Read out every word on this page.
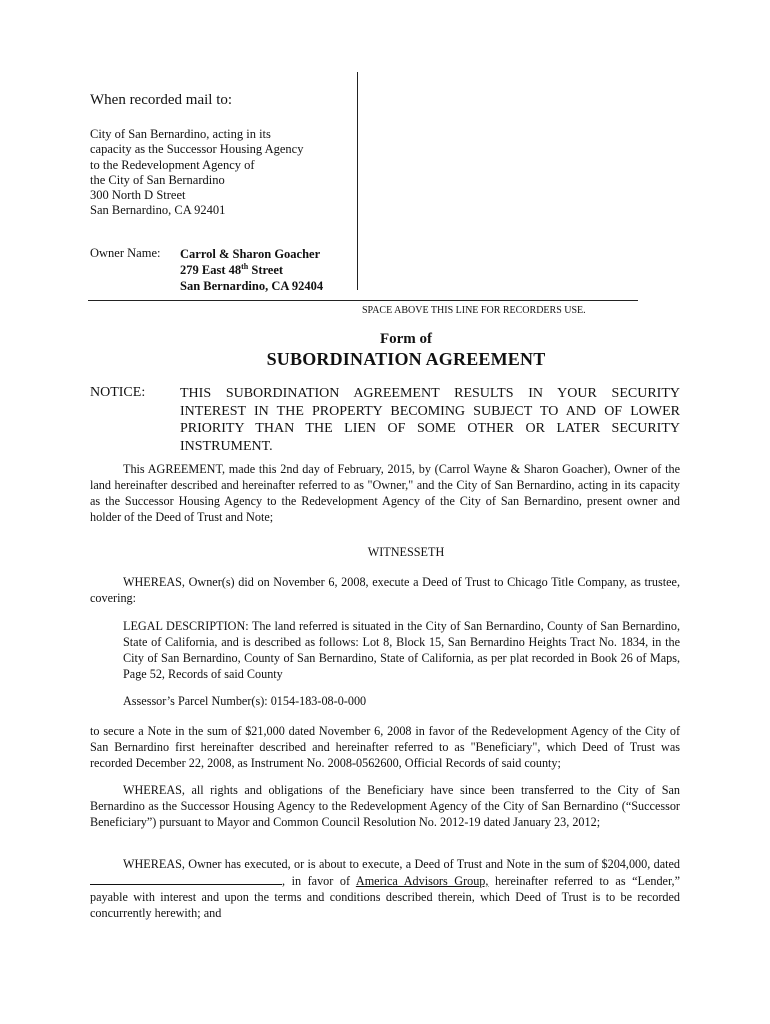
When recorded mail to:
City of San Bernardino, acting in its
capacity as the Successor Housing Agency
to the Redevelopment Agency of
the City of San Bernardino
300 North D Street
San Bernardino, CA 92401
Owner Name: Carrol & Sharon Goacher
279 East 48th Street
San Bernardino, CA 92404
SPACE ABOVE THIS LINE FOR RECORDERS USE.
Form of
SUBORDINATION AGREEMENT
NOTICE: THIS SUBORDINATION AGREEMENT RESULTS IN YOUR SECURITY INTEREST IN THE PROPERTY BECOMING SUBJECT TO AND OF LOWER PRIORITY THAN THE LIEN OF SOME OTHER OR LATER SECURITY INSTRUMENT.
This AGREEMENT, made this 2nd day of February, 2015, by (Carrol Wayne & Sharon Goacher), Owner of the land hereinafter described and hereinafter referred to as "Owner," and the City of San Bernardino, acting in its capacity as the Successor Housing Agency to the Redevelopment Agency of the City of San Bernardino, present owner and holder of the Deed of Trust and Note;
WITNESSETH
WHEREAS, Owner(s) did on November 6, 2008, execute a Deed of Trust to Chicago Title Company, as trustee, covering:
LEGAL DESCRIPTION: The land referred is situated in the City of San Bernardino, County of San Bernardino, State of California, and is described as follows: Lot 8, Block 15, San Bernardino Heights Tract No. 1834, in the City of San Bernardino, County of San Bernardino, State of California, as per plat recorded in Book 26 of Maps, Page 52, Records of said County
Assessor’s Parcel Number(s): 0154-183-08-0-000
to secure a Note in the sum of $21,000 dated November 6, 2008 in favor of the Redevelopment Agency of the City of San Bernardino first hereinafter described and hereinafter referred to as "Beneficiary", which Deed of Trust was recorded December 22, 2008, as Instrument No. 2008-0562600, Official Records of said county;
WHEREAS, all rights and obligations of the Beneficiary have since been transferred to the City of San Bernardino as the Successor Housing Agency to the Redevelopment Agency of the City of San Bernardino (“Successor Beneficiary”) pursuant to Mayor and Common Council Resolution No. 2012-19 dated January 23, 2012;
WHEREAS, Owner has executed, or is about to execute, a Deed of Trust and Note in the sum of $204,000, dated , in favor of America Advisors Group, hereinafter referred to as “Lender,” payable with interest and upon the terms and conditions described therein, which Deed of Trust is to be recorded concurrently herewith; and
